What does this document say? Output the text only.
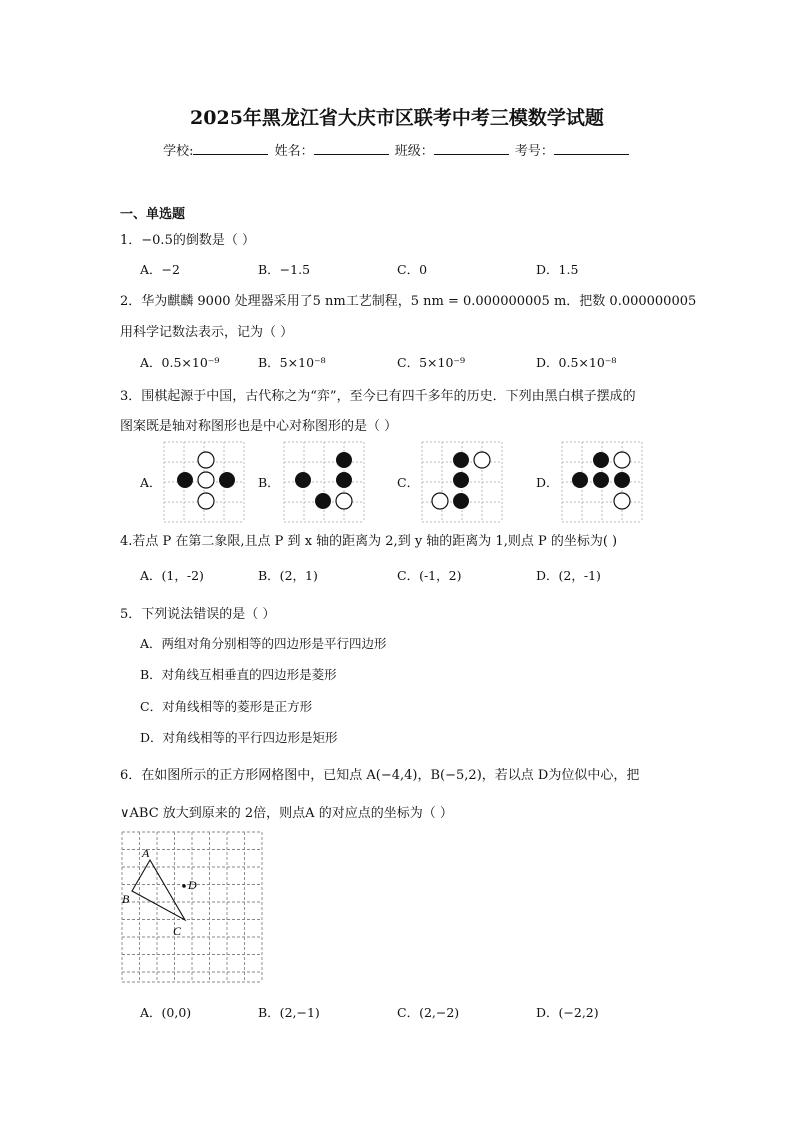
2025年黑龙江省大庆市区联考中考三模数学试题
学校:	姓名：	班级：	考号：
一、单选题
1．−0.5的倒数是（ ）
A．−2	B．−1.5	C．0	D．1.5
2．华为麒麟 9000 处理器采用了5 nm工艺制程，5 nm = 0.000000005 m．把数 0.000000005
用科学记数法表示，记为（ ）
A．0.5×10⁻⁹	B．5×10⁻⁸	C．5×10⁻⁹	D．0.5×10⁻⁸
3．围棋起源于中国，古代称之为“弈”，至今已有四千多年的历史．下列由黑白棋子摆成的
图案既是轴对称图形也是中心对称图形的是（ ）
A．	B．	C．	D．
4.若点 P 在第二象限,且点 P 到 x 轴的距离为 2,到 y 轴的距离为 1,则点 P 的坐标为( )
A．(1，-2)	B．(2，1)	C．(-1，2)	D．(2，-1)
5．下列说法错误的是（ ）
A．两组对角分别相等的四边形是平行四边形
B．对角线互相垂直的四边形是菱形
C．对角线相等的菱形是正方形
D．对角线相等的平行四边形是矩形
6．在如图所示的正方形网格图中，已知点 A(−4,4)，B(−5,2)，若以点 D为位似中心，把
∨ABC 放大到原来的 2倍，则点A 的对应点的坐标为（ ）
A
B
C
D
A．(0,0)	B．(2,−1)	C．(2,−2)	D．(−2,2)
